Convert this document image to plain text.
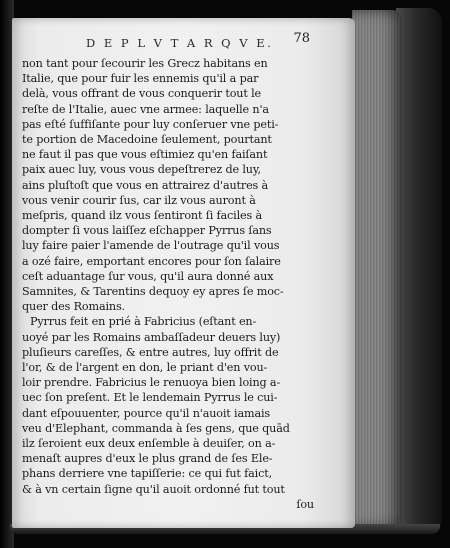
D E P L V T A R Q V E.	78
non tant pour ſecourir les Grecz habitans en
Italie, que pour fuir les ennemis qu'il a par
delà, vous offrant de vous conquerir tout le
reſte de l'Italie, auec vne armee: laquelle n'a
pas eſté ſuffiſante pour luy conſeruer vne peti-
te portion de Macedoine ſeulement, pourtant
ne faut il pas que vous eſtimiez qu'en faiſant
paix auec luy, vous vous depeſtrerez de luy,
ains pluſtoſt que vous en attrairez d'autres à
vous venir courir ſus, car ilz vous auront à
meſpris, quand ilz vous ſentiront ſi faciles à
dompter ſi vous laiſſez eſchapper Pyrrus ſans
luy faire paier l'amende de l'outrage qu'il vous
a ozé faire, emportant encores pour ſon ſalaire
ceſt aduantage ſur vous, qu'il aura donné aux
Samnites, & Tarentins dequoy ey apres ſe moc-
quer des Romains.
Pyrrus feit en prié à Fabricius (eſtant en-
uoyé par les Romains ambaſſadeur deuers luy)
pluſieurs careſſes, & entre autres, luy offrit de
l'or, & de l'argent en don, le priant d'en vou-
loir prendre. Fabricius le renuoya bien loing a-
uec ſon preſent. Et le lendemain Pyrrus le cui-
dant eſpouuenter, pource qu'il n'auoit iamais
veu d'Elephant, commanda à ſes gens, que quād
ilz ſeroient eux deux enſemble à deuiſer, on a-
menaſt aupres d'eux le plus grand de ſes Ele-
phans derriere vne tapiſſerie: ce qui fut faict,
& à vn certain ſigne qu'il auoit ordonné fut tout
ſou
